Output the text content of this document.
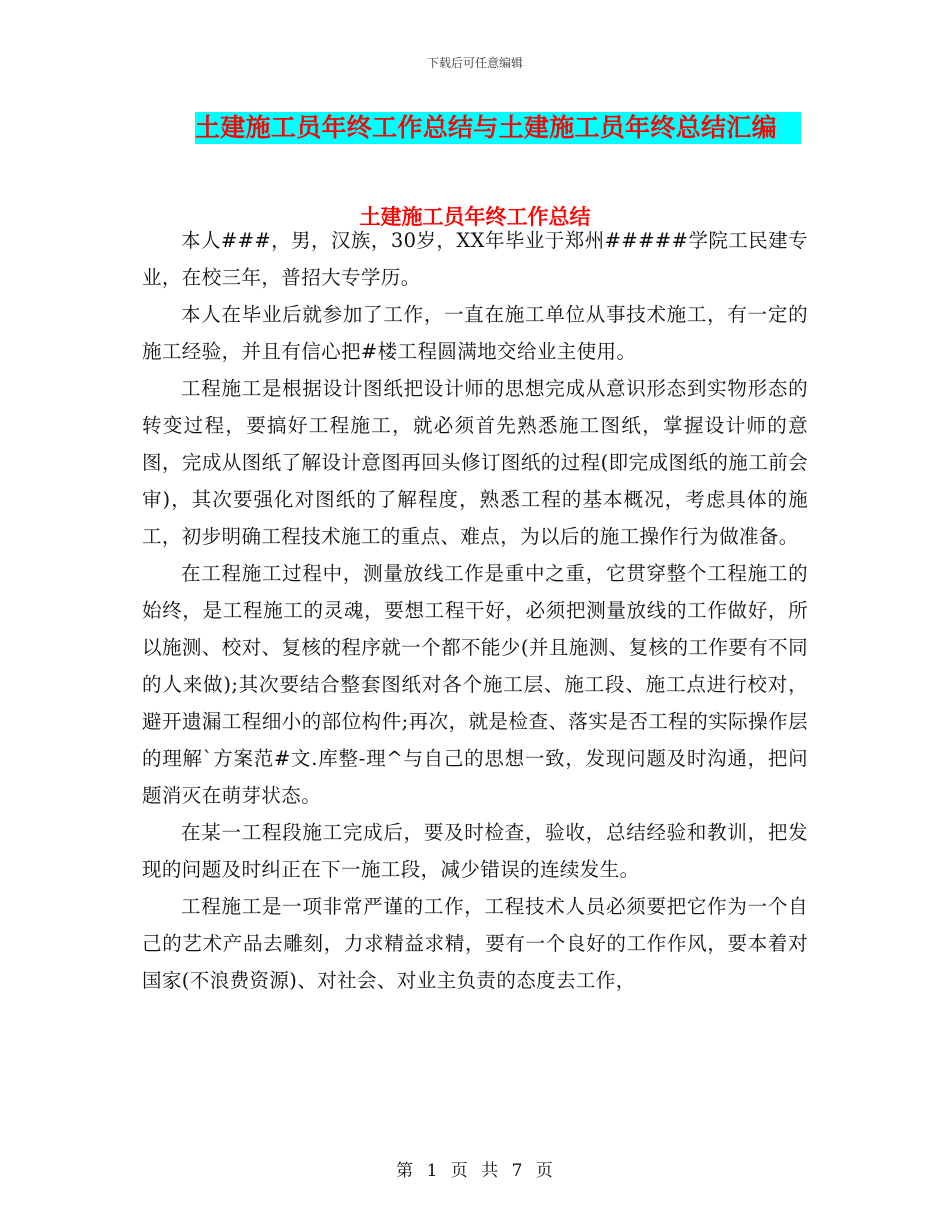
下载后可任意编辑
土建施工员年终工作总结与土建施工员年终总结汇编
土建施工员年终工作总结

本人###，男，汉族，30岁，XX年毕业于郑州#####学院工民建专业，在校三年，普招大专学历。

本人在毕业后就参加了工作，一直在施工单位从事技术施工，有一定的施工经验，并且有信心把#楼工程圆满地交给业主使用。

工程施工是根据设计图纸把设计师的思想完成从意识形态到实物形态的转变过程，要搞好工程施工，就必须首先熟悉施工图纸，掌握设计师的意图，完成从图纸了解设计意图再回头修订图纸的过程(即完成图纸的施工前会审)，其次要强化对图纸的了解程度，熟悉工程的基本概况，考虑具体的施工，初步明确工程技术施工的重点、难点，为以后的施工操作行为做准备。

在工程施工过程中，测量放线工作是重中之重，它贯穿整个工程施工的始终，是工程施工的灵魂，要想工程干好，必须把测量放线的工作做好，所以施测、校对、复核的程序就一个都不能少(并且施测、复核的工作要有不同的人来做);其次要结合整套图纸对各个施工层、施工段、施工点进行校对，避开遗漏工程细小的部位构件;再次，就是检查、落实是否工程的实际操作层的理解`方案范#文.库整-理^与自己的思想一致，发现问题及时沟通，把问题消灭在萌芽状态。

在某一工程段施工完成后，要及时检查，验收，总结经验和教训，把发现的问题及时纠正在下一施工段，减少错误的连续发生。

工程施工是一项非常严谨的工作，工程技术人员必须要把它作为一个自己的艺术产品去雕刻，力求精益求精，要有一个良好的工作作风，要本着对国家(不浪费资源)、对社会、对业主负责的态度去工作，

第 1 页 共 7 页
